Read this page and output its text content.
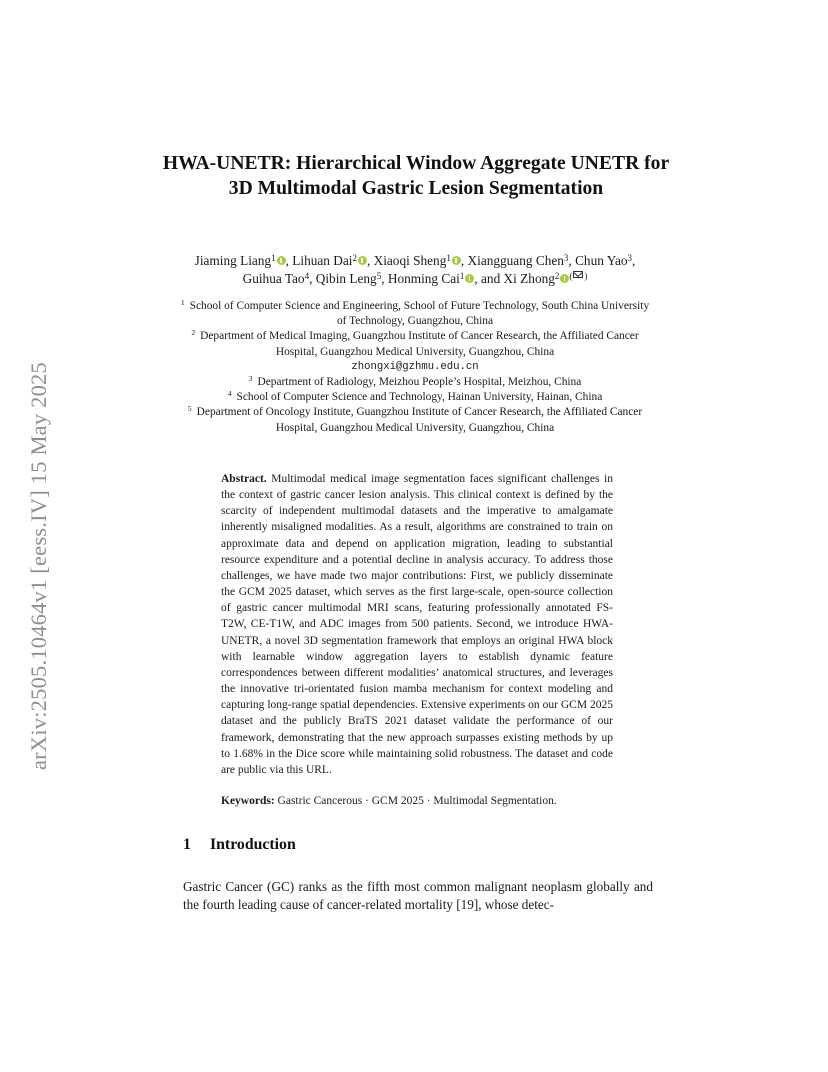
arXiv:2505.10464v1 [eess.IV] 15 May 2025
HWA-UNETR: Hierarchical Window Aggregate UNETR for 3D Multimodal Gastric Lesion Segmentation
Jiaming Liang$^1$ , Lihuan Dai$^2$ , Xiaoqi Sheng$^1$ , Xiangguang Chen$^3$, Chun Yao$^3$, Guihua Tao$^4$, Qibin Leng$^5$, Honming Cai$^1$ , and Xi Zhong$^2$ ( )
$^1$ School of Computer Science and Engineering, School of Future Technology, South China University of Technology, Guangzhou, China
$^2$ Department of Medical Imaging, Guangzhou Institute of Cancer Research, the Affiliated Cancer Hospital, Guangzhou Medical University, Guangzhou, China
zhongxi@gzhmu.edu.cn
$^3$ Department of Radiology, Meizhou People’s Hospital, Meizhou, China
$^4$ School of Computer Science and Technology, Hainan University, Hainan, China
$^5$ Department of Oncology Institute, Guangzhou Institute of Cancer Research, the Affiliated Cancer Hospital, Guangzhou Medical University, Guangzhou, China
Abstract. Multimodal medical image segmentation faces significant challenges in the context of gastric cancer lesion analysis. This clinical context is defined by the scarcity of independent multimodal datasets and the imperative to amalgamate inherently misaligned modalities. As a result, algorithms are constrained to train on approximate data and depend on application migration, leading to substantial resource expenditure and a potential decline in analysis accuracy. To address those challenges, we have made two major contributions: First, we publicly disseminate the GCM 2025 dataset, which serves as the first large-scale, open-source collection of gastric cancer multimodal MRI scans, featuring professionally annotated FS-T2W, CE-T1W, and ADC images from 500 patients. Second, we introduce HWA-UNETR, a novel 3D segmentation framework that employs an original HWA block with learnable window aggregation layers to establish dynamic feature correspondences between different modalities’ anatomical structures, and leverages the innovative tri-orientated fusion mamba mechanism for context modeling and capturing long-range spatial dependencies. Extensive experiments on our GCM 2025 dataset and the publicly BraTS 2021 dataset validate the performance of our framework, demonstrating that the new approach surpasses existing methods by up to 1.68% in the Dice score while maintaining solid robustness. The dataset and code are public via this URL.
Keywords: Gastric Cancerous · GCM 2025 · Multimodal Segmentation.
1 Introduction
Gastric Cancer (GC) ranks as the fifth most common malignant neoplasm globally and the fourth leading cause of cancer-related mortality [19], whose detec-
